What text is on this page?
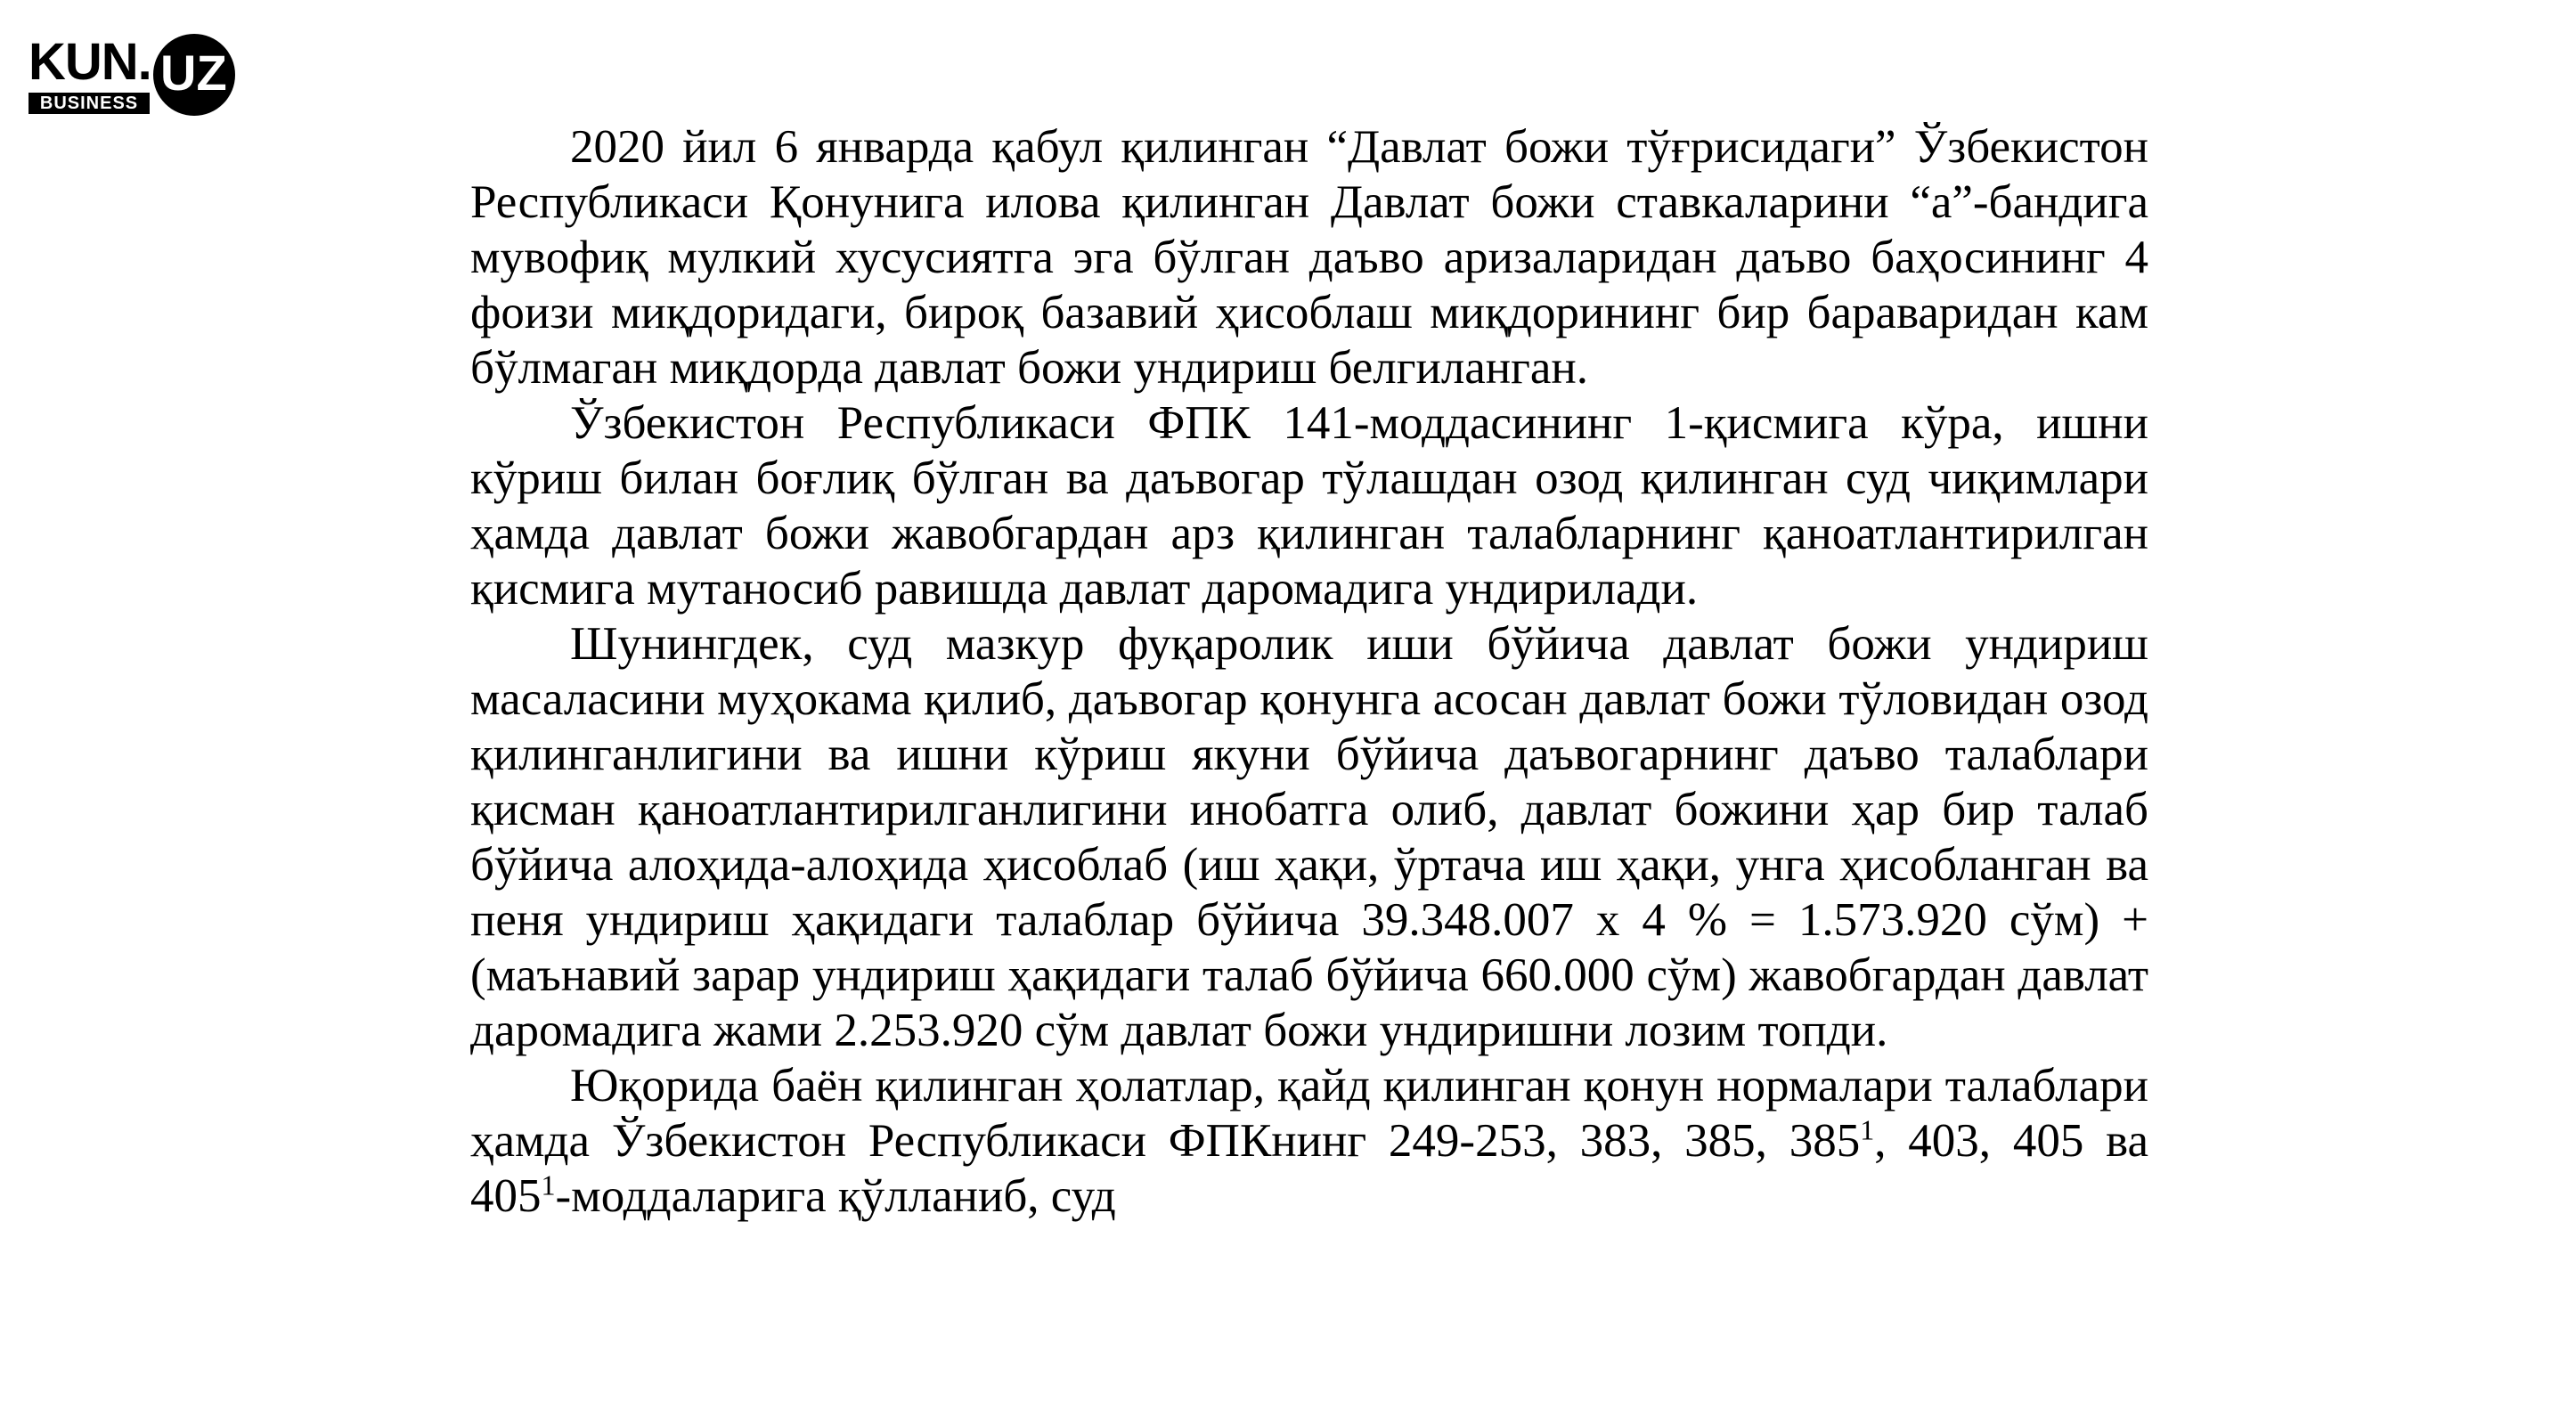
KUN. UZ
BUSINESS

2020 йил 6 январда қабул қилинган “Давлат божи тўғрисидаги” Ўзбекистон Республикаси Қонунига илова қилинган Давлат божи ставкаларини “а”-бандига мувофиқ мулкий хусусиятга эга бўлган даъво аризаларидан даъво баҳосининг 4 фоизи миқдоридаги, бироқ базавий ҳисоблаш миқдорининг бир бараваридан кам бўлмаган миқдорда давлат божи ундириш белгиланган.

Ўзбекистон Республикаси ФПК 141-моддасининг 1-қисмига кўра, ишни кўриш билан боғлиқ бўлган ва даъвогар тўлашдан озод қилинган суд чиқимлари ҳамда давлат божи жавобгардан арз қилинган талабларнинг қаноатлантирилган қисмига мутаносиб равишда давлат даромадига ундирилади.

Шунингдек, суд мазкур фуқаролик иши бўйича давлат божи ундириш масаласини муҳокама қилиб, даъвогар қонунга асосан давлат божи тўловидан озод қилинганлигини ва ишни кўриш якуни бўйича даъвогарнинг даъво талаблари қисман қаноатлантирилганлигини инобатга олиб, давлат божини ҳар бир талаб бўйича алоҳида-алоҳида ҳисоблаб (иш ҳақи, ўртача иш ҳақи, унга ҳисобланган ва пеня ундириш ҳақидаги талаблар бўйича 39.348.007 х 4 % = 1.573.920 сўм) + (маънавий зарар ундириш ҳақидаги талаб бўйича 660.000 сўм) жавобгардан давлат даромадига жами 2.253.920 сўм давлат божи ундиришни лозим топди.

Юқорида баён қилинган ҳолатлар, қайд қилинган қонун нормалари талаблари ҳамда Ўзбекистон Республикаси ФПКнинг 249-253, 383, 385, $385^1$, 403, 405 ва $405^1$-моддаларига қўлланиб, суд
